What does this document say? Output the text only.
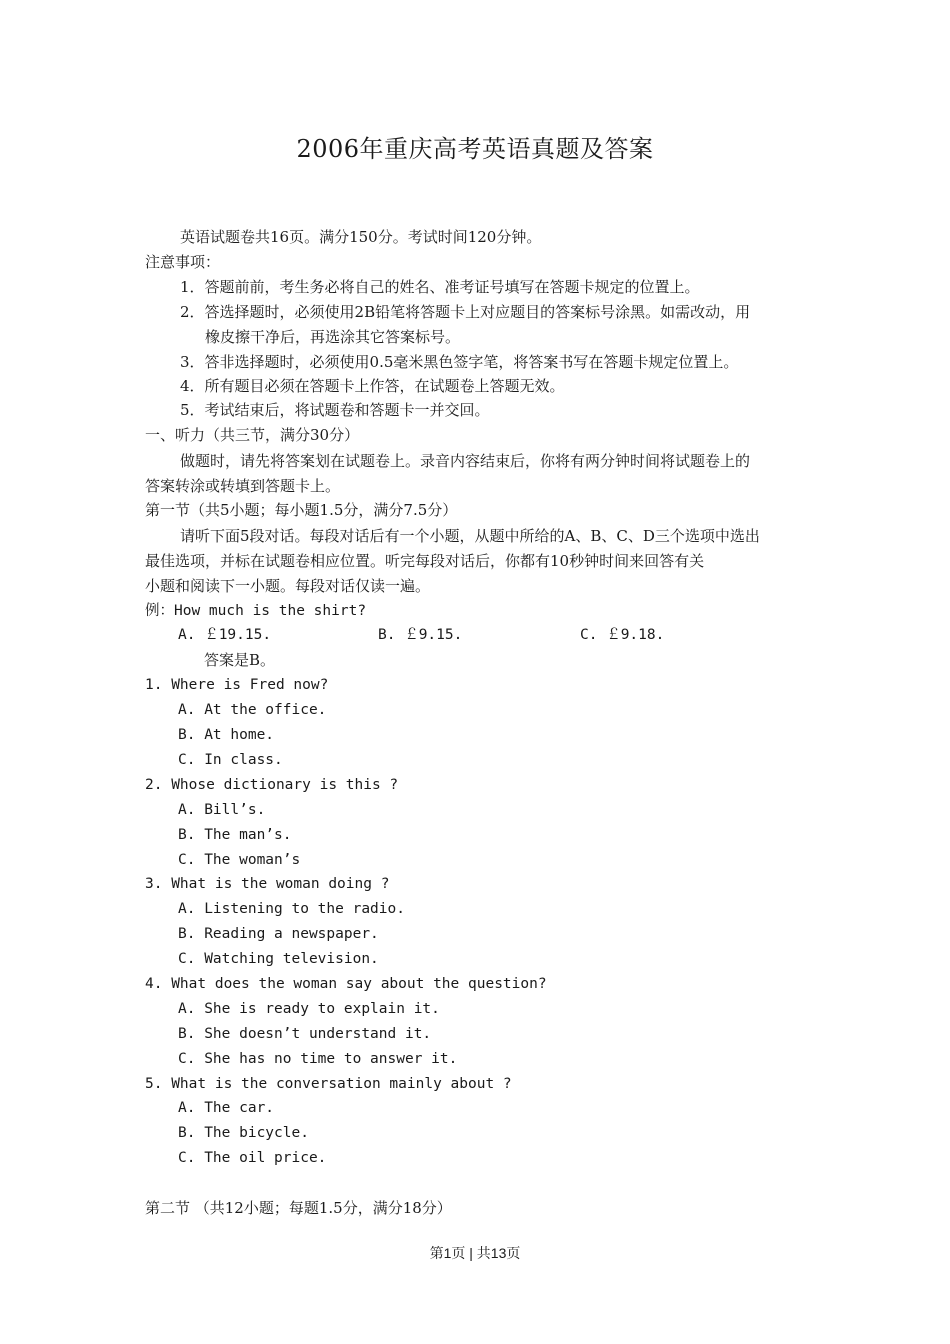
2006年重庆高考英语真题及答案
英语试题卷共16页。满分150分。考试时间120分钟。
注意事项：
1．答题前前，考生务必将自己的姓名、准考证号填写在答题卡规定的位置上。
2．答选择题时，必须使用2B铅笔将答题卡上对应题目的答案标号涂黑。如需改动，用
橡皮擦干净后，再选涂其它答案标号。
3．答非选择题时，必须使用0.5毫米黑色签字笔，将答案书写在答题卡规定位置上。
4．所有题目必须在答题卡上作答，在试题卷上答题无效。
5．考试结束后，将试题卷和答题卡一并交回。
一、听力（共三节，满分30分）
做题时，请先将答案划在试题卷上。录音内容结束后，你将有两分钟时间将试题卷上的
答案转涂或转填到答题卡上。
第一节（共5小题；每小题1.5分，满分7.5分）
请听下面5段对话。每段对话后有一个小题，从题中所给的A、B、C、D三个选项中选出
最佳选项，并标在试题卷相应位置。听完每段对话后，你都有10秒钟时间来回答有关
小题和阅读下一小题。每段对话仅读一遍。
例：How much is the shirt?
A. ￡19.15.	B. ￡9.15.	C. ￡9.18.
答案是B。
1. Where is Fred now?
A. At the office.
B. At home.
C. In class.
2. Whose dictionary is this ?
A. Bill’s.
B. The man’s.
C. The woman’s
3. What is the woman doing ?
A. Listening to the radio.
B. Reading a newspaper.
C. Watching television.
4. What does the woman say about the question?
A. She is ready to explain it.
B. She doesn’t understand it.
C. She has no time to answer it.
5. What is the conversation mainly about ?
A. The car.
B. The bicycle.
C. The oil price.
第二节 （共12小题；每题1.5分，满分18分）
第1页 | 共13页
